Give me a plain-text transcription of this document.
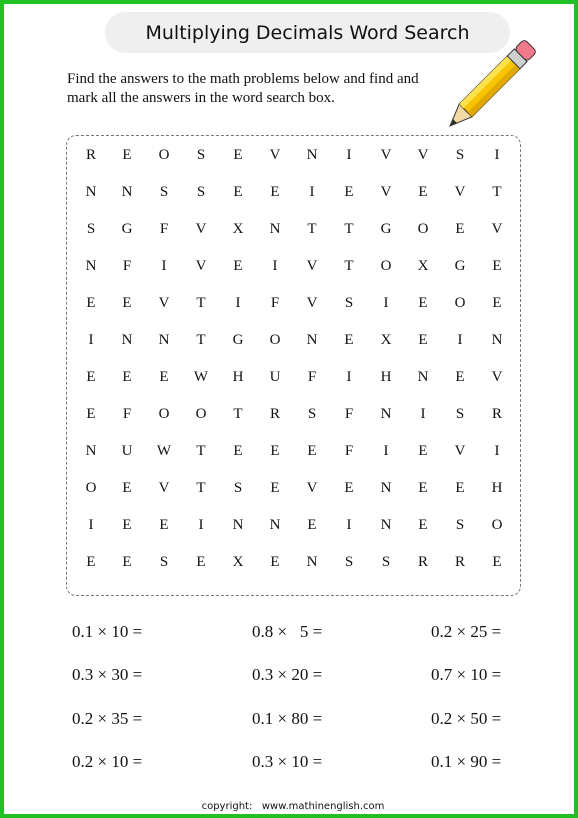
Multiplying Decimals Word Search
Find the answers to the math problems below and find and mark all the answers in the word search box.
R	E	O	S	E	V	N	I	V	V	S	I
N	N	S	S	E	E	I	E	V	E	V	T
S	G	F	V	X	N	T	T	G	O	E	V
N	F	I	V	E	I	V	T	O	X	G	E
E	E	V	T	I	F	V	S	I	E	O	E
I	N	N	T	G	O	N	E	X	E	I	N
E	E	E	W	H	U	F	I	H	N	E	V
E	F	O	O	T	R	S	F	N	I	S	R
N	U	W	T	E	E	E	F	I	E	V	I
O	E	V	T	S	E	V	E	N	E	E	H
I	E	E	I	N	N	E	I	N	E	S	O
E	E	S	E	X	E	N	S	S	R	R	E
0.1 × 10 =	0.8 ×   5 =	0.2 × 25 =
0.3 × 30 =	0.3 × 20 =	0.7 × 10 =
0.2 × 35 =	0.1 × 80 =	0.2 × 50 =
0.2 × 10 =	0.3 × 10 =	0.1 × 90 =
copyright: www.mathinenglish.com
